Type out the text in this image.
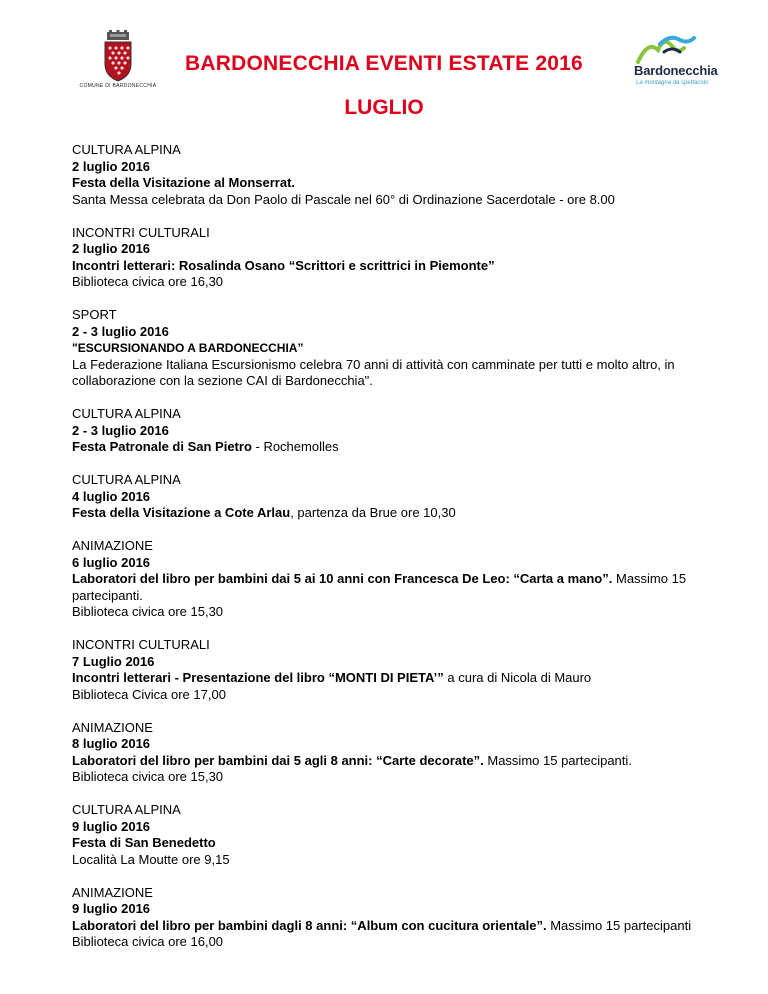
COMUNE DI BARDONECCHIA
BARDONECCHIA EVENTI ESTATE 2016
LUGLIO
Bardonecchia
La montagna da spettacolo
CULTURA ALPINA
2 luglio 2016
Festa della Visitazione al Monserrat.
Santa Messa celebrata da Don Paolo di Pascale nel 60° di Ordinazione Sacerdotale - ore 8.00
INCONTRI CULTURALI
2 luglio 2016
Incontri letterari: Rosalinda Osano “Scrittori e scrittrici in Piemonte”
Biblioteca civica ore 16,30
SPORT
2 - 3 luglio 2016
"ESCURSIONANDO A BARDONECCHIA”
La Federazione Italiana Escursionismo celebra 70 anni di attività con camminate per tutti e molto altro, in collaborazione con la sezione CAI di Bardonecchia".
CULTURA ALPINA
2 - 3 luglio 2016
Festa Patronale di San Pietro - Rochemolles
CULTURA ALPINA
4 luglio 2016
Festa della Visitazione a Cote Arlau, partenza da Brue ore 10,30
ANIMAZIONE
6 luglio 2016
Laboratori del libro per bambini dai 5 ai 10 anni con Francesca De Leo: “Carta a mano”. Massimo 15 partecipanti.
Biblioteca civica ore 15,30
INCONTRI CULTURALI
7 Luglio 2016
Incontri letterari - Presentazione del libro “MONTI DI PIETA’” a cura di Nicola di Mauro
Biblioteca Civica ore 17,00
ANIMAZIONE
8 luglio 2016
Laboratori del libro per bambini dai 5 agli 8 anni: “Carte decorate”. Massimo 15 partecipanti.
Biblioteca civica ore 15,30
CULTURA ALPINA
9 luglio 2016
Festa di San Benedetto
Località La Moutte ore 9,15
ANIMAZIONE
9 luglio 2016
Laboratori del libro per bambini dagli 8 anni: “Album con cucitura orientale”. Massimo 15 partecipanti
Biblioteca civica ore 16,00
